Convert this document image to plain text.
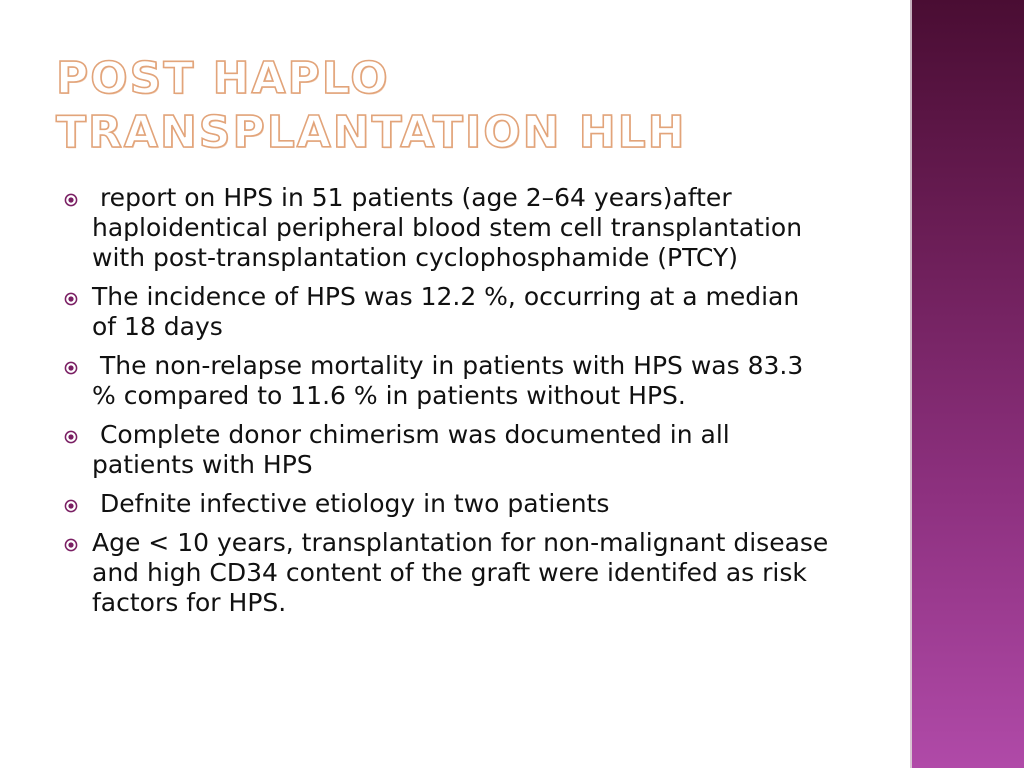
POST HAPLO TRANSPLANTATION HLH
report on HPS in 51 patients (age 2–64 years)after haploidentical peripheral blood stem cell transplantation with post-transplantation cyclophosphamide (PTCY)
The incidence of HPS was 12.2 %, occurring at a median of 18 days
The non-relapse mortality in patients with HPS was 83.3 % compared to 11.6 % in patients without HPS.
Complete donor chimerism was documented in all patients with HPS
Defnite infective etiology in two patients
Age < 10 years, transplantation for non-malignant disease and high CD34 content of the graft were identifed as risk factors for HPS.
